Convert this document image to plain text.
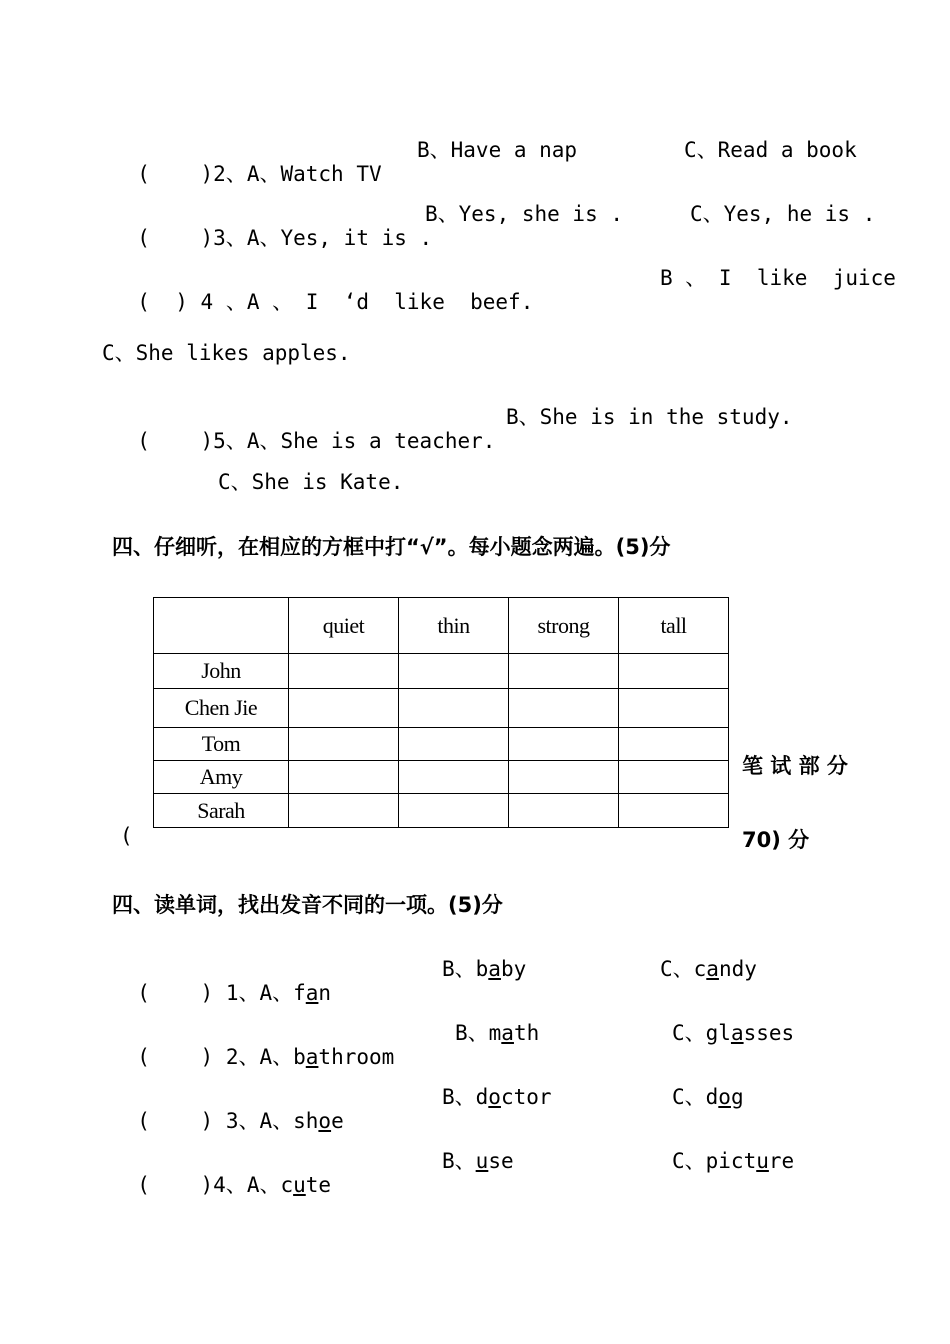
(    )2、A、Watch TV

B、Have a nap	C、Read a book

(    )3、A、Yes, it is .

B、Yes, she is .	C、Yes, he is .

(  ) 4 、A 、 I  ‘d  like  beef.

B 、 I  like  juice
C、She likes apples.

(    )5、A、She is a teacher.

B、She is in the study.
C、She is Kate.
四、仔细听，在相应的方框中打“√”。每小题念两遍。(5)分
	quiet	thin	strong	tall
John				
Chen Jie				
Tom				
Amy				
Sarah				
笔 试 部 分
(	70) 分
四、读单词，找出发音不同的一项。(5)分

(    ) 1、A、fan

B、baby	C、candy

(    ) 2、A、bathroom

B、math	C、glasses

(    ) 3、A、shoe

B、doctor	C、dog

(    )4、A、cute

B、use	C、picture
